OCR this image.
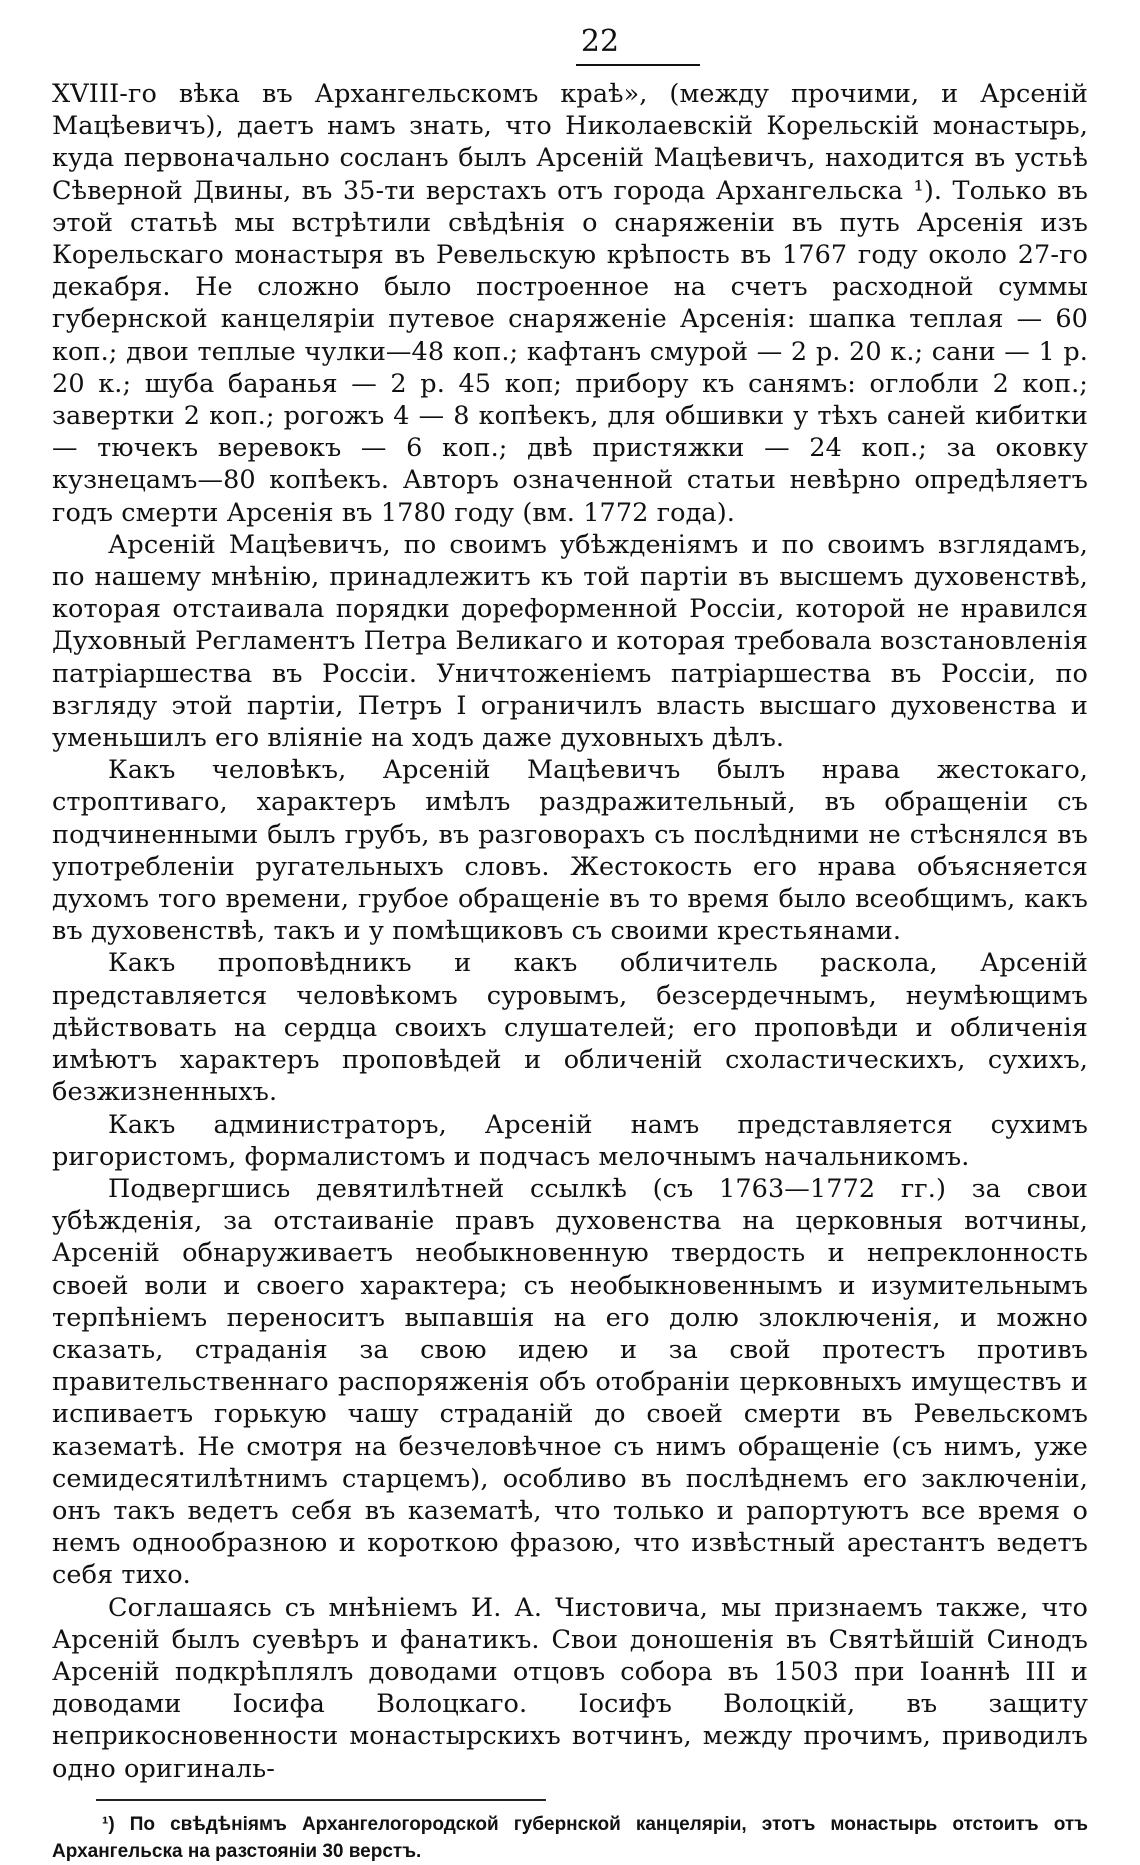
22

XVIII-го вѣка въ Архангельскомъ краѣ», (между прочими, и Арсеній Мацѣевичъ), даетъ намъ знать, что Николаевскій Корельскій монастырь, куда первоначально сосланъ былъ Арсеній Мацѣевичъ, находится въ устьѣ Сѣверной Двины, въ 35-ти верстахъ отъ города Архангельска ¹). Только въ этой статьѣ мы встрѣтили свѣдѣнія о снаряженіи въ путь Арсенія изъ Корельскаго монастыря въ Ревельскую крѣпость въ 1767 году около 27-го декабря. Не сложно было построенное на счетъ расходной суммы губернской канцеляріи путевое снаряженіе Арсенія: шапка теплая — 60 коп.; двои теплые чулки—48 коп.; кафтанъ смурой — 2 р. 20 к.; сани — 1 р. 20 к.; шуба баранья — 2 р. 45 коп; прибору къ санямъ: оглобли 2 коп.; завертки 2 коп.; рогожъ 4 — 8 копѣекъ, для обшивки у тѣхъ саней кибитки — тючекъ веревокъ — 6 коп.; двѣ пристяжки — 24 коп.; за оковку кузнецамъ—80 копѣекъ. Авторъ означенной статьи невѣрно опредѣляетъ годъ смерти Арсенія въ 1780 году (вм. 1772 года).

Арсеній Мацѣевичъ, по своимъ убѣжденіямъ и по своимъ взглядамъ, по нашему мнѣнію, принадлежитъ къ той партіи въ высшемъ духовенствѣ, которая отстаивала порядки дореформенной Россіи, которой не нравился Духовный Регламентъ Петра Великаго и которая требовала возстановленія патріаршества въ Россіи. Уничтоженіемъ патріаршества въ Россіи, по взгляду этой партіи, Петръ I ограничилъ власть высшаго духовенства и уменьшилъ его вліяніе на ходъ даже духовныхъ дѣлъ.

Какъ человѣкъ, Арсеній Мацѣевичъ былъ нрава жестокаго, строптиваго, характеръ имѣлъ раздражительный, въ обращеніи съ подчиненными былъ грубъ, въ разговорахъ съ послѣдними не стѣснялся въ употребленіи ругательныхъ словъ. Жестокость его нрава объясняется духомъ того времени, грубое обращеніе въ то время было всеобщимъ, какъ въ духовенствѣ, такъ и у помѣщиковъ съ своими крестьянами.

Какъ проповѣдникъ и какъ обличитель раскола, Арсеній представляется человѣкомъ суровымъ, безсердечнымъ, неумѣющимъ дѣйствовать на сердца своихъ слушателей; его проповѣди и обличенія имѣютъ характеръ проповѣдей и обличеній схоластическихъ, сухихъ, безжизненныхъ.

Какъ администраторъ, Арсеній намъ представляется сухимъ ригористомъ, формалистомъ и подчасъ мелочнымъ начальникомъ.

Подвергшись девятилѣтней ссылкѣ (съ 1763—1772 гг.) за свои убѣжденія, за отстаиваніе правъ духовенства на церковныя вотчины, Арсеній обнаруживаетъ необыкновенную твердость и непреклонность своей воли и своего характера; съ необыкновеннымъ и изумительнымъ терпѣніемъ переноситъ выпавшія на его долю злоключенія, и можно сказать, страданія за свою идею и за свой протестъ противъ правительственнаго распоряженія объ отобраніи церковныхъ имуществъ и испиваетъ горькую чашу страданій до своей смерти въ Ревельскомъ казематѣ. Не смотря на безчеловѣчное съ нимъ обращеніе (съ нимъ, уже семидесятилѣтнимъ старцемъ), особливо въ послѣднемъ его заключеніи, онъ такъ ведетъ себя въ казематѣ, что только и рапортуютъ все время о немъ однообразною и короткою фразою, что извѣстный арестантъ ведетъ себя тихо.

Соглашаясь съ мнѣніемъ И. А. Чистовича, мы признаемъ также, что Арсеній былъ суевѣръ и фанатикъ. Свои доношенія въ Святѣйшій Синодъ Арсеній подкрѣплялъ доводами отцовъ собора въ 1503 при Іоаннѣ III и доводами Іосифа Волоцкаго. Іосифъ Волоцкій, въ защиту неприкосновенности монастырскихъ вотчинъ, между прочимъ, приводилъ одно оригиналь-

¹) По свѣдѣніямъ Архангелогородской губернской канцеляріи, этотъ монастырь отстоитъ отъ Архангельска на разстояніи 30 верстъ.
